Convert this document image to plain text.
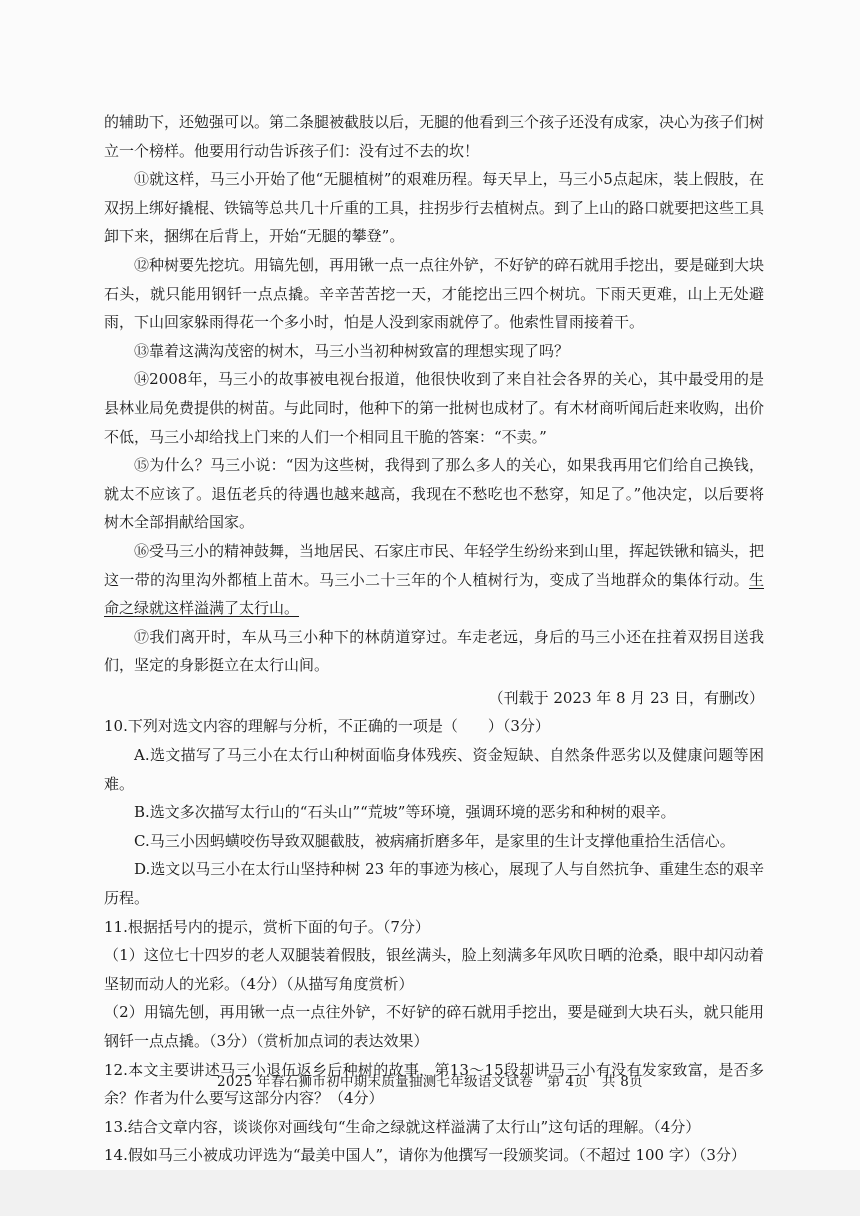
的辅助下，还勉强可以。第二条腿被截肢以后，无腿的他看到三个孩子还没有成家，决心为孩子们树立一个榜样。他要用行动告诉孩子们：没有过不去的坎！

⑪就这样，马三小开始了他“无腿植树”的艰难历程。每天早上，马三小5点起床，装上假肢，在双拐上绑好撬棍、铁镐等总共几十斤重的工具，拄拐步行去植树点。到了上山的路口就要把这些工具卸下来，捆绑在后背上，开始“无腿的攀登”。

⑫种树要先挖坑。用镐先刨，再用锹一点一点往外铲，不好铲的碎石就用手挖出，要是碰到大块石头，就只能用钢钎一点点撬。辛辛苦苦挖一天，才能挖出三四个树坑。下雨天更难，山上无处避雨，下山回家躲雨得花一个多小时，怕是人没到家雨就停了。他索性冒雨接着干。

⑬靠着这满沟茂密的树木，马三小当初种树致富的理想实现了吗？

⑭2008年，马三小的故事被电视台报道，他很快收到了来自社会各界的关心，其中最受用的是县林业局免费提供的树苗。与此同时，他种下的第一批树也成材了。有木材商听闻后赶来收购，出价不低，马三小却给找上门来的人们一个相同且干脆的答案：“不卖。”

⑮为什么？马三小说：“因为这些树，我得到了那么多人的关心，如果我再用它们给自己换钱，就太不应该了。退伍老兵的待遇也越来越高，我现在不愁吃也不愁穿，知足了。”他决定，以后要将树木全部捐献给国家。

⑯受马三小的精神鼓舞，当地居民、石家庄市民、年轻学生纷纷来到山里，挥起铁锹和镐头，把这一带的沟里沟外都植上苗木。马三小二十三年的个人植树行为，变成了当地群众的集体行动。生命之绿就这样溢满了太行山。

⑰我们离开时，车从马三小种下的林荫道穿过。车走老远，身后的马三小还在拄着双拐目送我们，坚定的身影挺立在太行山间。

（刊载于 2023 年 8 月 23 日，有删改）

10.下列对选文内容的理解与分析，不正确的一项是（　　）（3分）

A.选文描写了马三小在太行山种树面临身体残疾、资金短缺、自然条件恶劣以及健康问题等困难。

B.选文多次描写太行山的“石头山”“荒坡”等环境，强调环境的恶劣和种树的艰辛。

C.马三小因蚂蟥咬伤导致双腿截肢，被病痛折磨多年，是家里的生计支撑他重拾生活信心。

D.选文以马三小在太行山坚持种树 23 年的事迹为核心，展现了人与自然抗争、重建生态的艰辛历程。

11.根据括号内的提示，赏析下面的句子。（7分）

（1）这位七十四岁的老人双腿装着假肢，银丝满头，脸上刻满多年风吹日晒的沧桑，眼中却闪动着坚韧而动人的光彩。（4分）（从描写角度赏析）

（2）用镐先刨，再用锹一点一点往外铲，不好铲的碎石就用手挖出，要是碰到大块石头，就只能用钢钎一点点撬。（3分）（赏析加点词的表达效果）

12.本文主要讲述马三小退伍返乡后种树的故事，第13～15段却讲马三小有没有发家致富，是否多余？作者为什么要写这部分内容？（4分）

13.结合文章内容，谈谈你对画线句“生命之绿就这样溢满了太行山”这句话的理解。（4分）

14.假如马三小被成功评选为“最美中国人”，请你为他撰写一段颁奖词。（不超过 100 字）（3分）

2025 年春石狮市初中期末质量抽测七年级语文试卷　第 4页　共 8页
